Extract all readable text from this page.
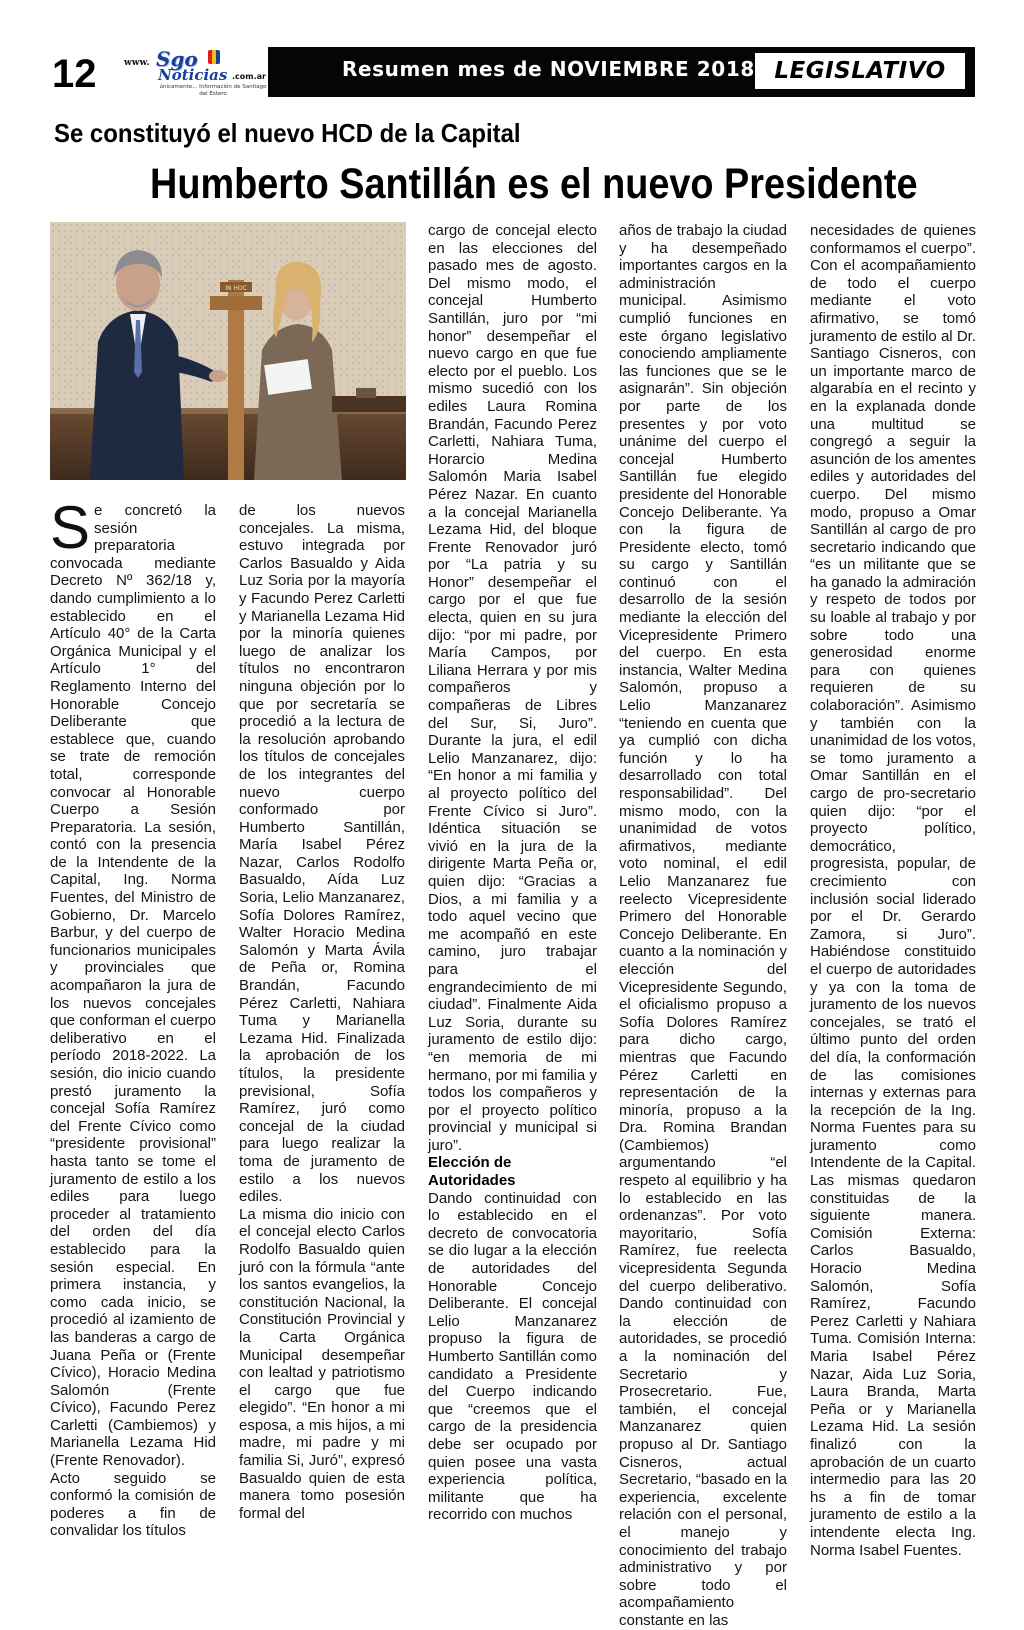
12	www. Sgo
Noticias .com.ar
únicamente... Información de Santiago del Estero
Resumen mes de NOVIEMBRE 2018 LEGISLATIVO
Se constituyó el nuevo HCD de la Capital
Humberto Santillán es el nuevo Presidente
IN HOC

Se concretó la sesión preparatoria convocada mediante Decreto Nº 362/18 y, dando cumplimiento a lo establecido en el Artículo 40° de la Carta Orgánica Municipal y el Artículo 1° del Reglamento Interno del Honorable Concejo Deliberante que establece que, cuando se trate de remoción total, corresponde convocar al Honorable Cuerpo a Sesión Preparatoria. La sesión, contó con la presencia de la Intendente de la Capital, Ing. Norma Fuentes, del Ministro de Gobierno, Dr. Marcelo Barbur, y del cuerpo de funcionarios municipales y provinciales que acompañaron la jura de los nuevos concejales que conforman el cuerpo deliberativo en el período 2018-2022. La sesión, dio inicio cuando prestó juramento la concejal Sofía Ramírez del Frente Cívico como “presidente provisional” hasta tanto se tome el juramento de estilo a los ediles para luego proceder al tratamiento del orden del día establecido para la sesión especial. En primera instancia, y como cada inicio, se procedió al izamiento de las banderas a cargo de Juana Peña or (Frente Cívico), Horacio Medina Salomón (Frente Cívico), Facundo Perez Carletti (Cambiemos) y Marianella Lezama Hid (Frente Renovador).

Acto seguido se conformó la comisión de poderes a fin de convalidar los títulos

de los nuevos concejales. La misma, estuvo integrada por Carlos Basualdo y Aida Luz Soria por la mayoría y Facundo Perez Carletti y Marianella Lezama Hid por la minoría quienes luego de analizar los títulos no encontraron ninguna objeción por lo que por secretaría se procedió a la lectura de la resolución aprobando los títulos de concejales de los integrantes del nuevo cuerpo conformado por Humberto Santillán, María Isabel Pérez Nazar, Carlos Rodolfo Basualdo, Aída Luz Soria, Lelio Manzanarez, Sofía Dolores Ramírez, Walter Horacio Medina Salomón y Marta Ávila de Peña or, Romina Brandán, Facundo Pérez Carletti, Nahiara Tuma y Marianella Lezama Hid. Finalizada la aprobación de los títulos, la presidente previsional, Sofía Ramírez, juró como concejal de la ciudad para luego realizar la toma de juramento de estilo a los nuevos ediles.

La misma dio inicio con el concejal electo Carlos Rodolfo Basualdo quien juró con la fórmula “ante los santos evangelios, la constitución Nacional, la Constitución Provincial y la Carta Orgánica Municipal desempeñar con lealtad y patriotismo el cargo que fue elegido”. “En honor a mi esposa, a mis hijos, a mi madre, mi padre y mi familia Si, Juró”, expresó Basualdo quien de esta manera tomo posesión formal del

cargo de concejal electo en las elecciones del pasado mes de agosto. Del mismo modo, el concejal Humberto Santillán, juro por “mi honor” desempeñar el nuevo cargo en que fue electo por el pueblo. Los mismo sucedió con los ediles Laura Romina Brandán, Facundo Perez Carletti, Nahiara Tuma, Horarcio Medina Salomón Maria Isabel Pérez Nazar. En cuanto a la concejal Marianella Lezama Hid, del bloque Frente Renovador juró por “La patria y su Honor” desempeñar el cargo por el que fue electa, quien en su jura dijo: “por mi padre, por María Campos, por Liliana Herrara y por mis compañeros y compañeras de Libres del Sur, Si, Juro”. Durante la jura, el edil Lelio Manzanarez, dijo: “En honor a mi familia y al proyecto político del Frente Cívico si Juro”. Idéntica situación se vivió en la jura de la dirigente Marta Peña or, quien dijo: “Gracias a Dios, a mi familia y a todo aquel vecino que me acompañó en este camino, juro trabajar para el engrandecimiento de mi ciudad”. Finalmente Aida Luz Soria, durante su juramento de estilo dijo: “en memoria de mi hermano, por mi familia y todos los compañeros y por el proyecto político provincial y municipal si juro”.

Elección de Autoridades

Dando continuidad con lo establecido en el decreto de convocatoria se dio lugar a la elección de autoridades del Honorable Concejo Deliberante. El concejal Lelio Manzanarez propuso la figura de Humberto Santillán como candidato a Presidente del Cuerpo indicando que “creemos que el cargo de la presidencia debe ser ocupado por quien posee una vasta experiencia política, militante que ha recorrido con muchos

años de trabajo la ciudad y ha desempeñado importantes cargos en la administración municipal. Asimismo cumplió funciones en este órgano legislativo conociendo ampliamente las funciones que se le asignarán”. Sin objeción por parte de los presentes y por voto unánime del cuerpo el concejal Humberto Santillán fue elegido presidente del Honorable Concejo Deliberante. Ya con la figura de Presidente electo, tomó su cargo y Santillán continuó con el desarrollo de la sesión mediante la elección del Vicepresidente Primero del cuerpo. En esta instancia, Walter Medina Salomón, propuso a Lelio Manzanarez “teniendo en cuenta que ya cumplió con dicha función y lo ha desarrollado con total responsabilidad”. Del mismo modo, con la unanimidad de votos afirmativos, mediante voto nominal, el edil Lelio Manzanarez fue reelecto Vicepresidente Primero del Honorable Concejo Deliberante. En cuanto a la nominación y elección del Vicepresidente Segundo, el oficialismo propuso a Sofía Dolores Ramírez para dicho cargo, mientras que Facundo Pérez Carletti en representación de la minoría, propuso a la Dra. Romina Brandan (Cambiemos) argumentando “el respeto al equilibrio y ha lo establecido en las ordenanzas”. Por voto mayoritario, Sofía Ramírez, fue reelecta vicepresidenta Segunda del cuerpo deliberativo. Dando continuidad con la elección de autoridades, se procedió a la nominación del Secretario y Prosecretario. Fue, también, el concejal Manzanarez quien propuso al Dr. Santiago Cisneros, actual Secretario, “basado en la experiencia, excelente relación con el personal, el manejo y conocimiento del trabajo administrativo y por sobre todo el acompañamiento constante en las

necesidades de quienes conformamos el cuerpo”. Con el acompañamiento de todo el cuerpo mediante el voto afirmativo, se tomó juramento de estilo al Dr. Santiago Cisneros, con un importante marco de algarabía en el recinto y en la explanada donde una multitud se congregó a seguir la asunción de los amentes ediles y autoridades del cuerpo. Del mismo modo, propuso a Omar Santillán al cargo de pro secretario indicando que “es un militante que se ha ganado la admiración y respeto de todos por su loable al trabajo y por sobre todo una generosidad enorme para con quienes requieren de su colaboración”. Asimismo y también con la unanimidad de los votos, se tomo juramento a Omar Santillán en el cargo de pro-secretario quien dijo: “por el proyecto político, democrático, progresista, popular, de crecimiento con inclusión social liderado por el Dr. Gerardo Zamora, si Juro”. Habiéndose constituido el cuerpo de autoridades y ya con la toma de juramento de los nuevos concejales, se trató el último punto del orden del día, la conformación de las comisiones internas y externas para la recepción de la Ing. Norma Fuentes para su juramento como Intendente de la Capital. Las mismas quedaron constituidas de la siguiente manera. Comisión Externa: Carlos Basualdo, Horacio Medina Salomón, Sofía Ramírez, Facundo Perez Carletti y Nahiara Tuma. Comisión Interna: Maria Isabel Pérez Nazar, Aida Luz Soria, Laura Branda, Marta Peña or y Marianella Lezama Hid. La sesión finalizó con la aprobación de un cuarto intermedio para las 20 hs a fin de tomar juramento de estilo a la intendente electa Ing. Norma Isabel Fuentes.
